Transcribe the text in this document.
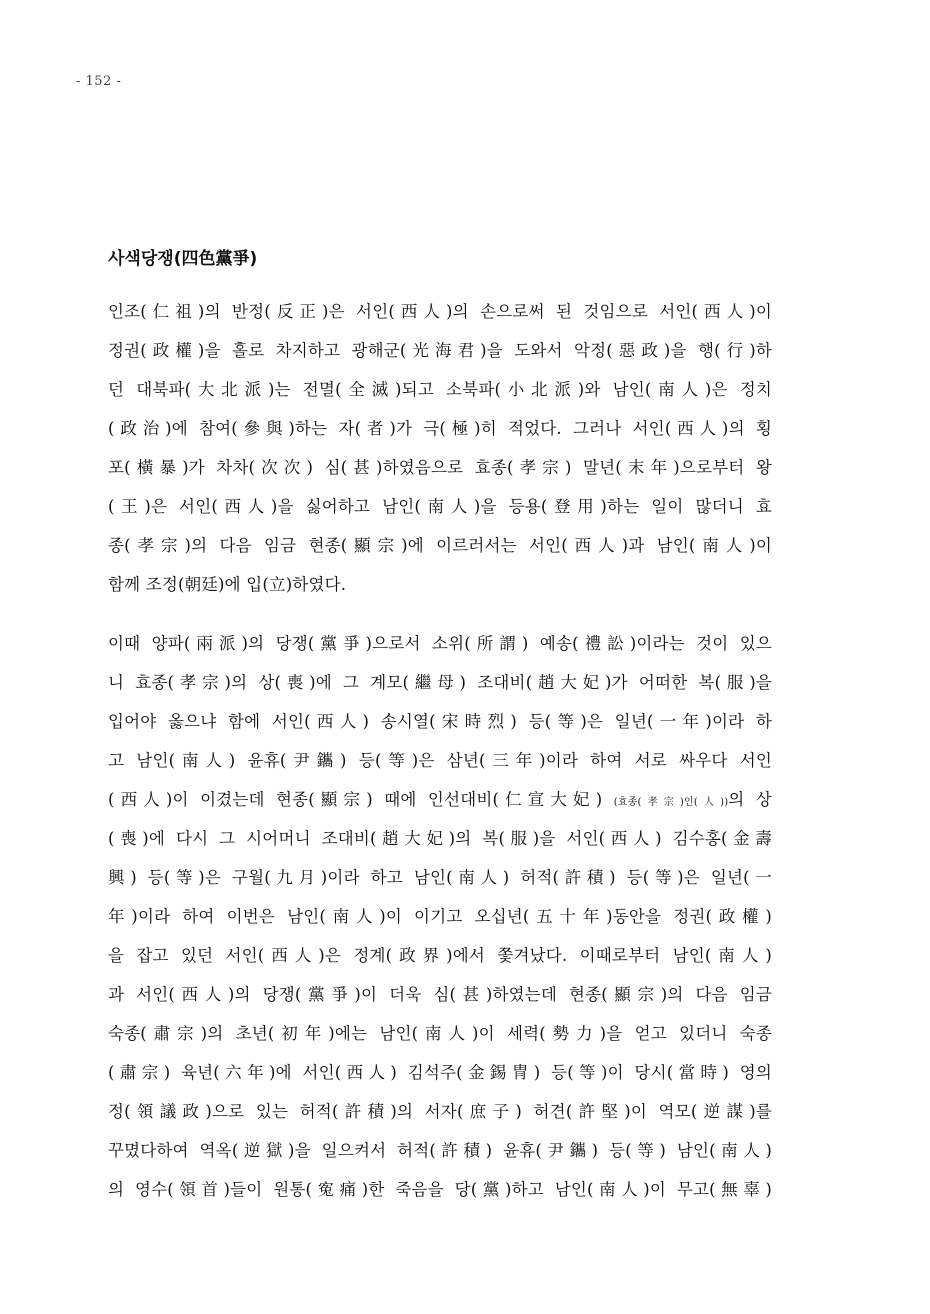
- 152 -
사색당쟁(四色黨爭)

인조(仁祖)의 반정(反正)은 서인(西人)의 손으로써 된 것임으로 서인(西人)이
정권(政權)을 홀로 차지하고 광해군(光海君)을 도와서 악정(惡政)을 행(行)하
던 대북파(大北派)는 전멸(全滅)되고 소북파(小北派)와 남인(南人)은 정치
(政治)에 참여(參與)하는 자(者)가 극(極)히 적었다. 그러나 서인(西人)의 횡
포(橫暴)가 차차(次次) 심(甚)하였음으로 효종(孝宗) 말년(末年)으로부터 왕
(王)은 서인(西人)을 싫어하고 남인(南人)을 등용(登用)하는 일이 많더니 효
종(孝宗)의 다음 임금 현종(顯宗)에 이르러서는 서인(西人)과 남인(南人)이
함께 조정(朝廷)에 입(立)하였다.

이때 양파(兩派)의 당쟁(黨爭)으로서 소위(所謂) 예송(禮訟)이라는 것이 있으
니 효종(孝宗)의 상(喪)에 그 계모(繼母) 조대비(趙大妃)가 어떠한 복(服)을
입어야 옳으냐 함에 서인(西人) 송시열(宋時烈) 등(等)은 일년(一年)이라 하
고 남인(南人) 윤휴(尹鑴) 등(等)은 삼년(三年)이라 하여 서로 싸우다 서인
(西人)이 이겼는데 현종(顯宗) 때에 인선대비(仁宣大妃) (효종(孝宗)인(人))의 상
(喪)에 다시 그 시어머니 조대비(趙大妃)의 복(服)을 서인(西人) 김수홍(金壽
興) 등(等)은 구월(九月)이라 하고 남인(南人) 허적(許積) 등(等)은 일년(一
年)이라 하여 이번은 남인(南人)이 이기고 오십년(五十年)동안을 정권(政權)
을 잡고 있던 서인(西人)은 정계(政界)에서 쫓겨났다. 이때로부터 남인(南人)
과 서인(西人)의 당쟁(黨爭)이 더욱 심(甚)하였는데 현종(顯宗)의 다음 임금
숙종(肅宗)의 초년(初年)에는 남인(南人)이 세력(勢力)을 얻고 있더니 숙종
(肅宗) 육년(六年)에 서인(西人) 김석주(金錫冑) 등(等)이 당시(當時) 영의
정(領議政)으로 있는 허적(許積)의 서자(庶子) 허견(許堅)이 역모(逆謀)를
꾸몄다하여 역옥(逆獄)을 일으켜서 허적(許積) 윤휴(尹鑴) 등(等) 남인(南人)
의 영수(領首)들이 원통(寃痛)한 죽음을 당(黨)하고 남인(南人)이 무고(無辜)
